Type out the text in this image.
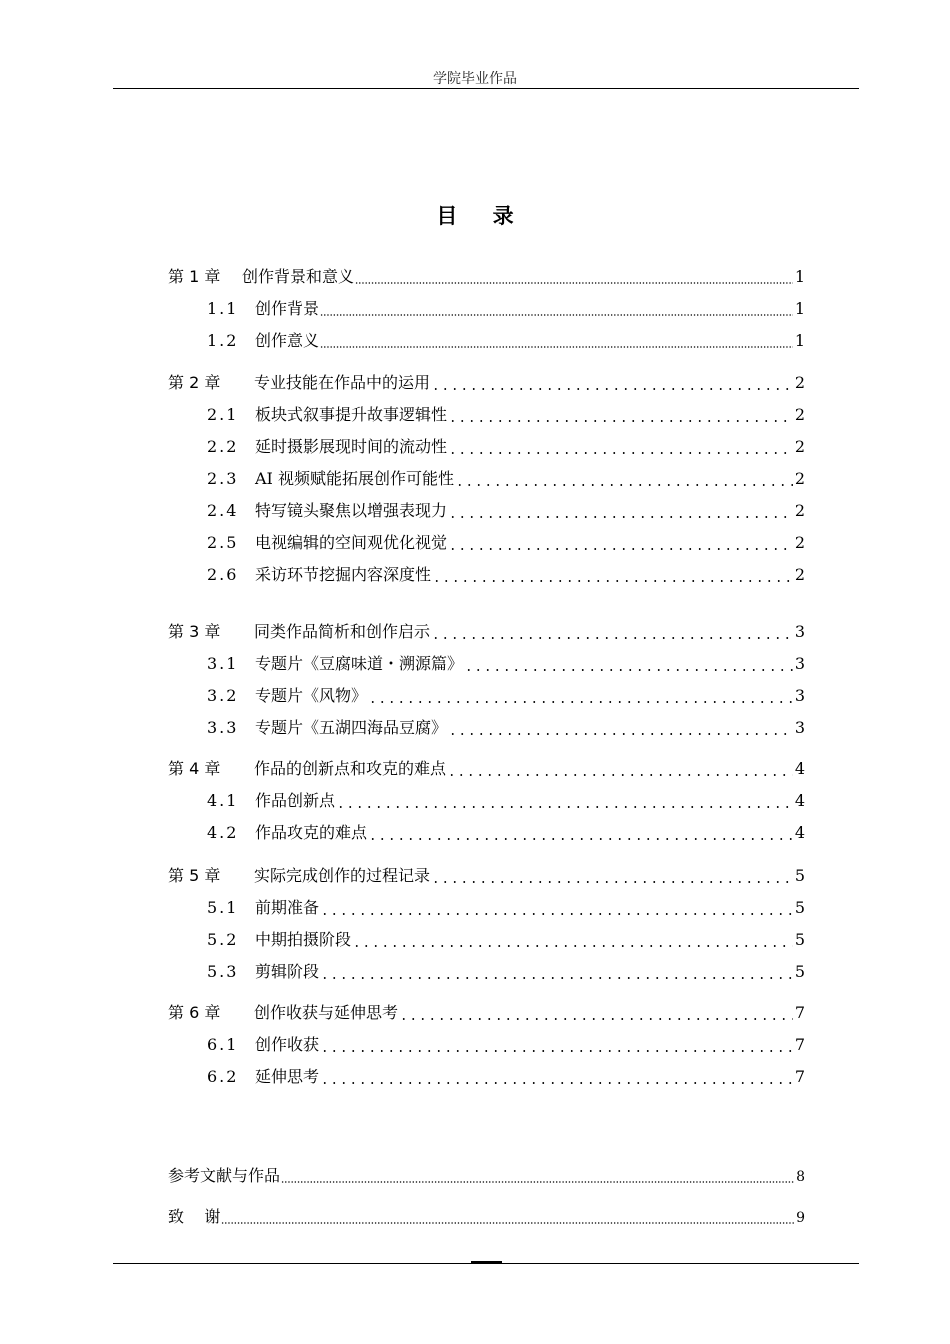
学院毕业作品
目 录
第 1 章	创作背景和意义	1
1.1	创作背景	1
1.2	创作意义	1
第 2 章	专业技能在作品中的运用	2
2.1	板块式叙事提升故事逻辑性	2
2.2	延时摄影展现时间的流动性	2
2.3	AI 视频赋能拓展创作可能性	2
2.4	特写镜头聚焦以增强表现力	2
2.5	电视编辑的空间观优化视觉	2
2.6	采访环节挖掘内容深度性	2
第 3 章	同类作品简析和创作启示	3
3.1	专题片《豆腐味道・溯源篇》	3
3.2	专题片《风物》	3
3.3	专题片《五湖四海品豆腐》	3
第 4 章	作品的创新点和攻克的难点	4
4.1	作品创新点	4
4.2	作品攻克的难点	4
第 5 章	实际完成创作的过程记录	5
5.1	前期准备	5
5.2	中期拍摄阶段	5
5.3	剪辑阶段	5
第 6 章	创作收获与延伸思考	7
6.1	创作收获	7
6.2	延伸思考	7
参考文献与作品	8
致    谢	9
